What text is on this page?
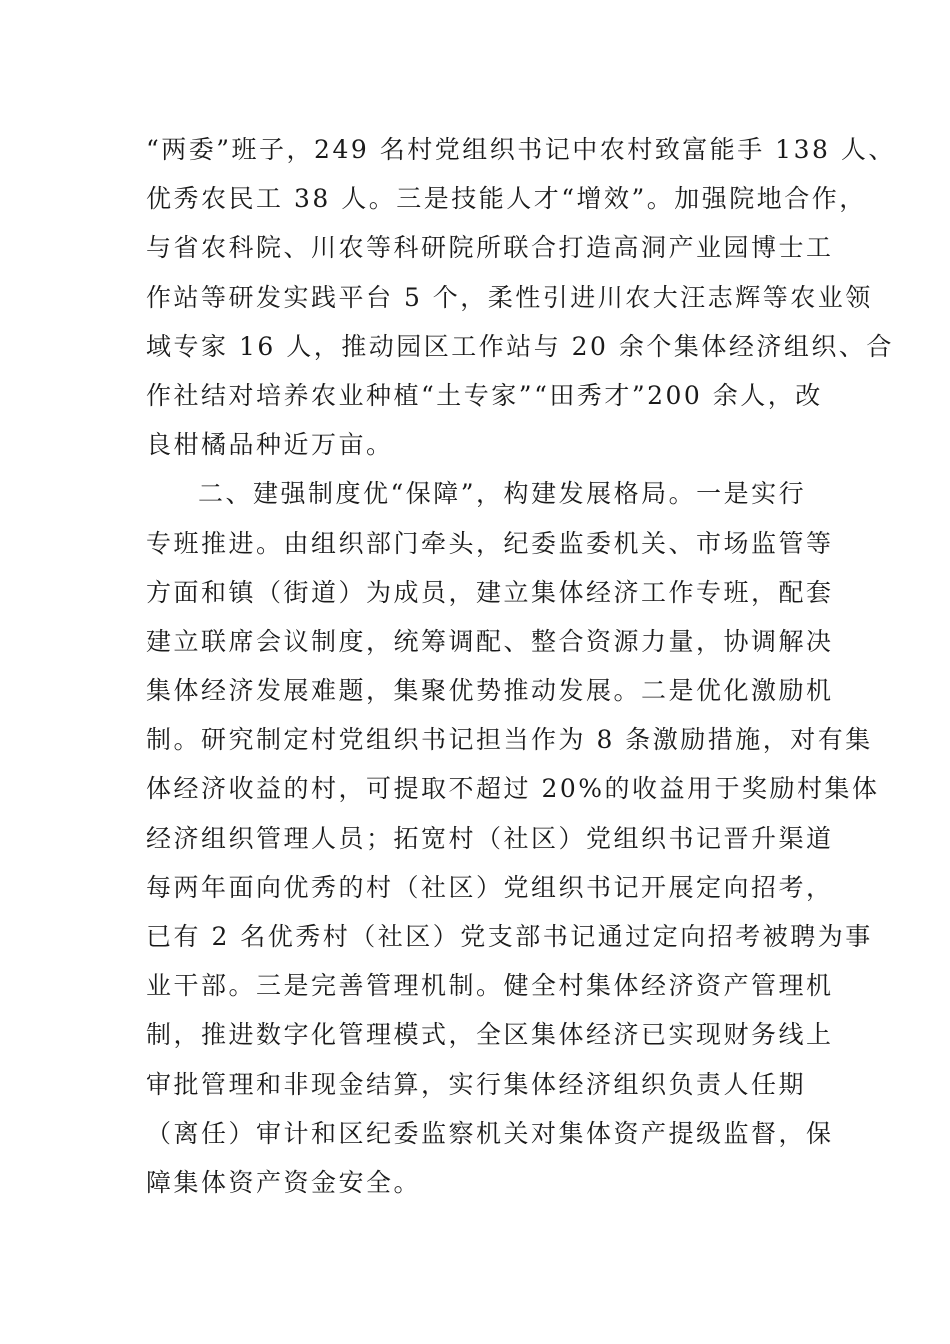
“两委”班子，249 名村党组织书记中农村致富能手 138 人、
优秀农民工 38 人。三是技能人才“增效”。加强院地合作，
与省农科院、川农等科研院所联合打造高洞产业园博士工
作站等研发实践平台 5 个，柔性引进川农大汪志辉等农业领
域专家 16 人，推动园区工作站与 20 余个集体经济组织、合
作社结对培养农业种植“土专家”“田秀才”200 余人，改
良柑橘品种近万亩。
二、建强制度优“保障”，构建发展格局。一是实行
专班推进。由组织部门牵头，纪委监委机关、市场监管等
方面和镇（街道）为成员，建立集体经济工作专班，配套
建立联席会议制度，统筹调配、整合资源力量，协调解决
集体经济发展难题，集聚优势推动发展。二是优化激励机
制。研究制定村党组织书记担当作为 8 条激励措施，对有集
体经济收益的村，可提取不超过 20%的收益用于奖励村集体
经济组织管理人员；拓宽村（社区）党组织书记晋升渠道
每两年面向优秀的村（社区）党组织书记开展定向招考，
已有 2 名优秀村（社区）党支部书记通过定向招考被聘为事
业干部。三是完善管理机制。健全村集体经济资产管理机
制，推进数字化管理模式，全区集体经济已实现财务线上
审批管理和非现金结算，实行集体经济组织负责人任期
（离任）审计和区纪委监察机关对集体资产提级监督，保
障集体资产资金安全。
